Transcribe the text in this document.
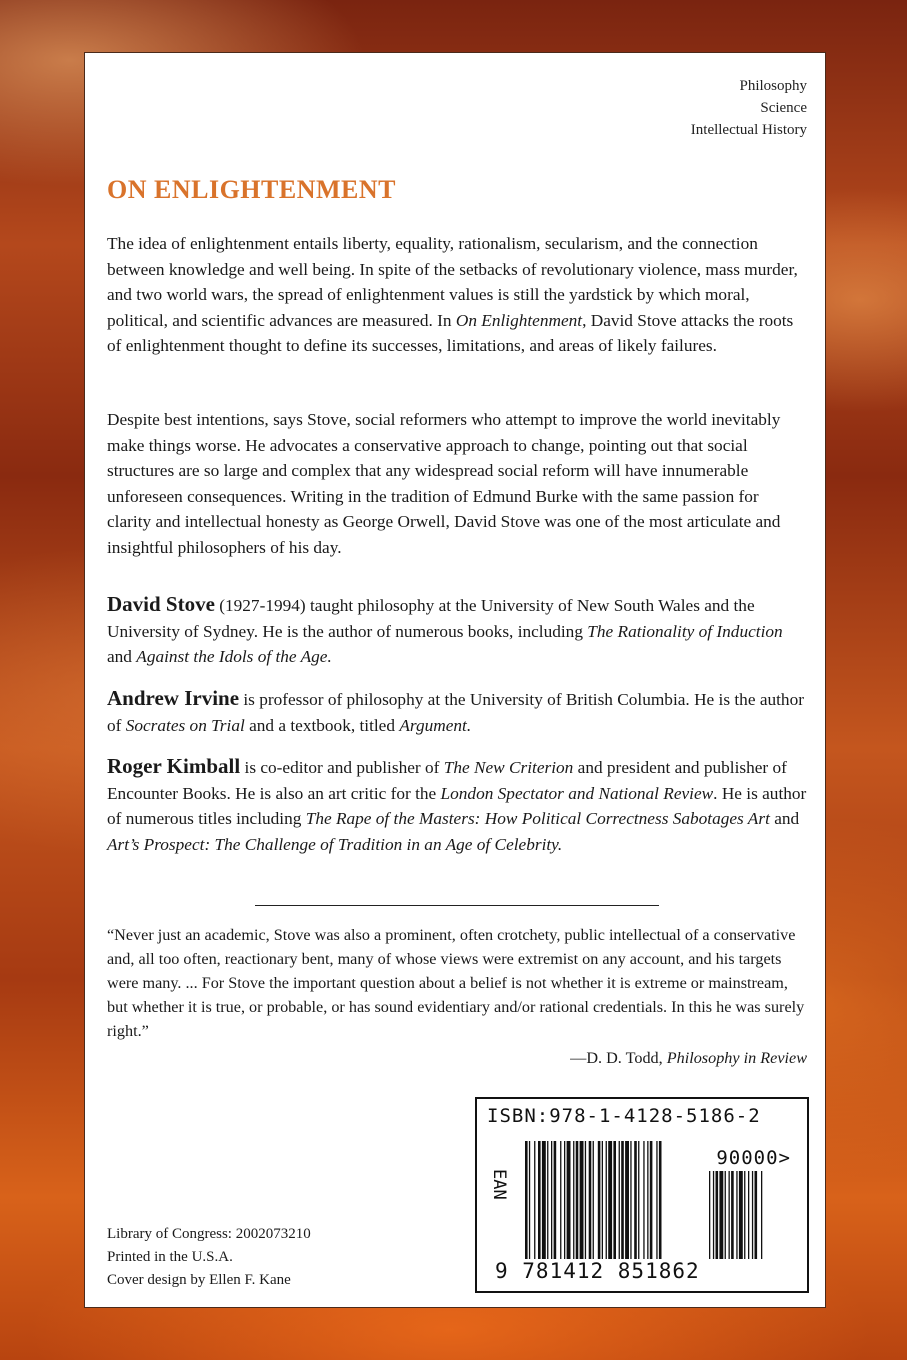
Philosophy
Science
Intellectual History
ON ENLIGHTENMENT

The idea of enlightenment entails liberty, equality, rationalism, secularism, and the connection between knowledge and well being. In spite of the setbacks of revolutionary violence, mass murder, and two world wars, the spread of enlightenment values is still the yardstick by which moral, political, and scientific advances are measured. In On Enlightenment, David Stove attacks the roots of enlightenment thought to define its successes, limitations, and areas of likely failures.

Despite best intentions, says Stove, social reformers who attempt to improve the world inevitably make things worse. He advocates a conservative approach to change, pointing out that social structures are so large and complex that any widespread social reform will have innumerable unforeseen consequences. Writing in the tradition of Edmund Burke with the same passion for clarity and intellectual honesty as George Orwell, David Stove was one of the most articulate and insightful philosophers of his day.

David Stove (1927-1994) taught philosophy at the University of New South Wales and the University of Sydney. He is the author of numerous books, including The Rationality of Induction and Against the Idols of the Age.

Andrew Irvine is professor of philosophy at the University of British Columbia. He is the author of Socrates on Trial and a textbook, titled Argument.

Roger Kimball is co-editor and publisher of The New Criterion and president and publisher of Encounter Books. He is also an art critic for the London Spectator and National Review. He is author of numerous titles including The Rape of the Masters: How Political Correctness Sabotages Art and Art’s Prospect: The Challenge of Tradition in an Age of Celebrity.

“Never just an academic, Stove was also a prominent, often crotchety, public intellectual of a conservative and, all too often, reactionary bent, many of whose views were extremist on any account, and his targets were many. ... For Stove the important question about a belief is not whether it is extreme or mainstream, but whether it is true, or probable, or has sound evidentiary and/or rational credentials. In this he was surely right.”

—D. D. Todd, Philosophy in Review

Library of Congress: 2002073210
Printed in the U.S.A.
Cover design by Ellen F. Kane
ISBN:978-1-4128-5186-2
90000>
EAN
9 781412 851862
